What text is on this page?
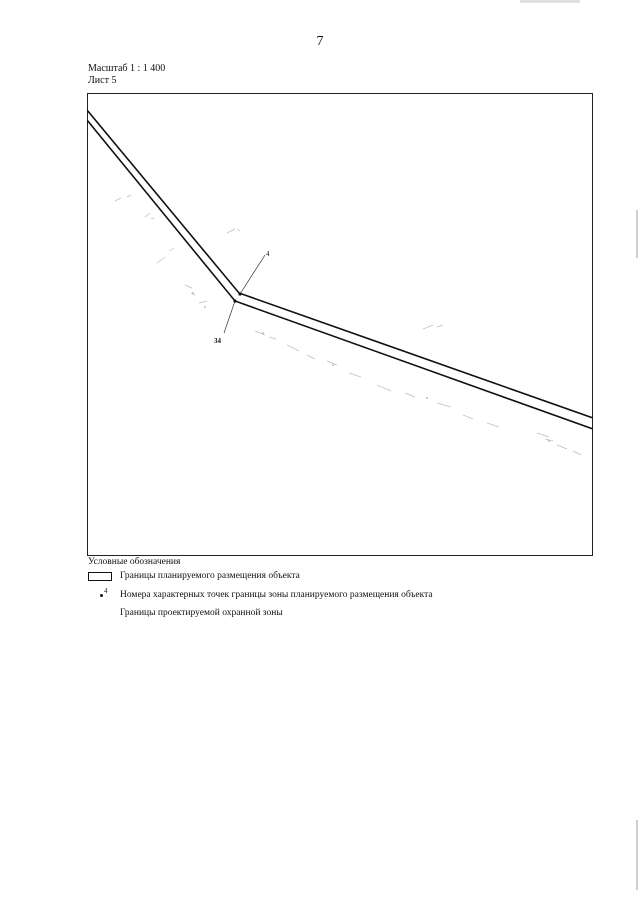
7
Масштаб 1 : 1 400
Лист 5
4
34
Условные обозначения
Границы планируемого размещения объекта
4 Номера характерных точек границы зоны планируемого размещения объекта
Границы проектируемой охранной зоны
